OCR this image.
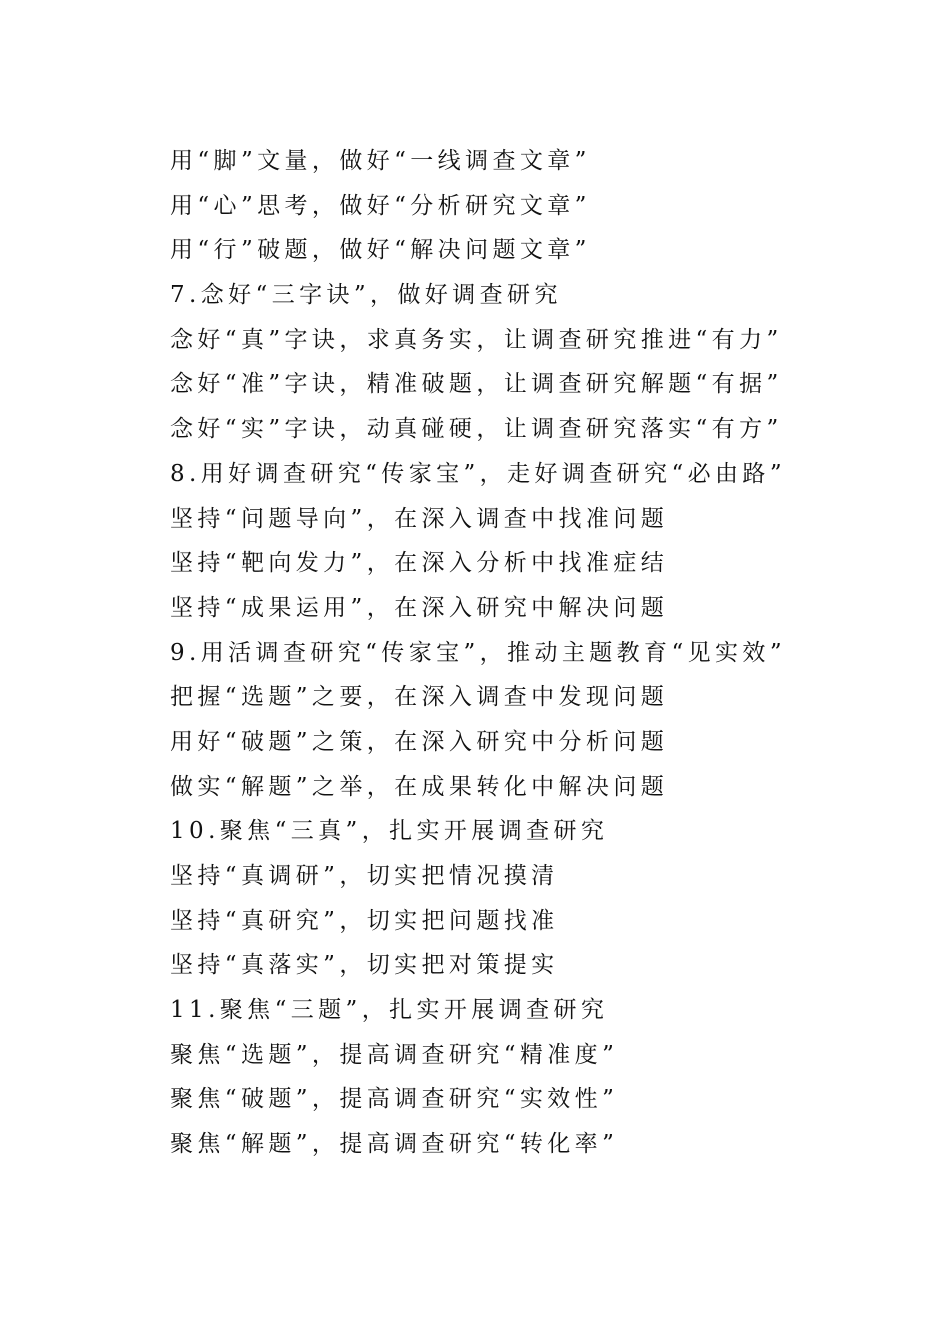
用“脚”文量，做好“一线调查文章”
用“心”思考，做好“分析研究文章”
用“行”破题，做好“解决问题文章”
7.念好“三字诀”，做好调查研究
念好“真”字诀，求真务实，让调查研究推进“有力”
念好“准”字诀，精准破题，让调查研究解题“有据”
念好“实”字诀，动真碰硬，让调查研究落实“有方”
8.用好调查研究“传家宝”，走好调查研究“必由路”
坚持“问题导向”，在深入调查中找准问题
坚持“靶向发力”，在深入分析中找准症结
坚持“成果运用”，在深入研究中解决问题
9.用活调查研究“传家宝”，推动主题教育“见实效”
把握“选题”之要，在深入调查中发现问题
用好“破题”之策，在深入研究中分析问题
做实“解题”之举，在成果转化中解决问题
10.聚焦“三真”，扎实开展调查研究
坚持“真调研”，切实把情况摸清
坚持“真研究”，切实把问题找准
坚持“真落实”，切实把对策提实
11.聚焦“三题”，扎实开展调查研究
聚焦“选题”，提高调查研究“精准度”
聚焦“破题”，提高调查研究“实效性”
聚焦“解题”，提高调查研究“转化率”
